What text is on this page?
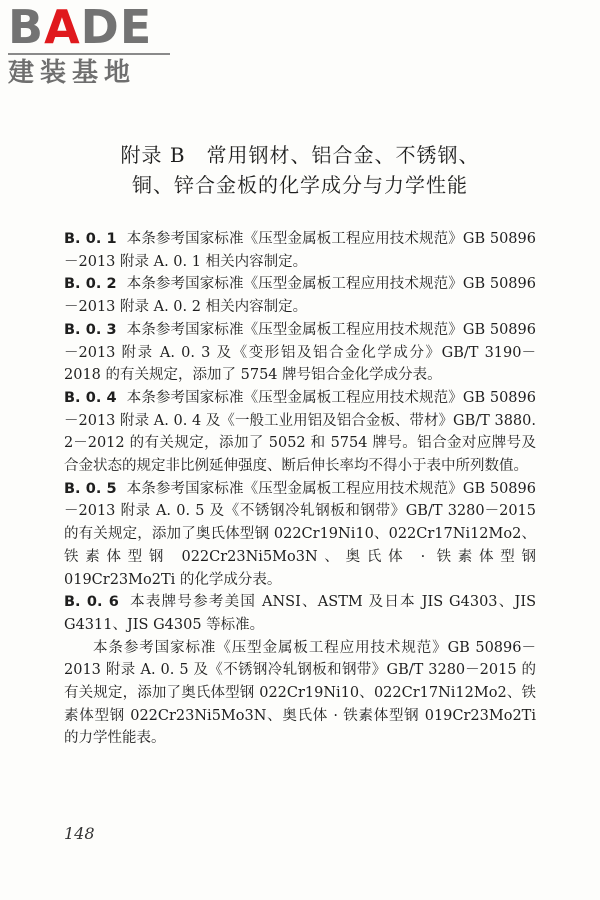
BADE
建装基地
附录 B　常用钢材、铝合金、不锈钢、
铜、锌合金板的化学成分与力学性能

B. 0. 1 本条参考国家标准《压型金属板工程应用技术规范》GB 50896－2013 附录 A. 0. 1 相关内容制定。

B. 0. 2 本条参考国家标准《压型金属板工程应用技术规范》GB 50896－2013 附录 A. 0. 2 相关内容制定。

B. 0. 3 本条参考国家标准《压型金属板工程应用技术规范》GB 50896－2013 附录 A. 0. 3 及《变形铝及铝合金化学成分》GB/T 3190－2018 的有关规定，添加了 5754 牌号铝合金化学成分表。

B. 0. 4 本条参考国家标准《压型金属板工程应用技术规范》GB 50896－2013 附录 A. 0. 4 及《一般工业用铝及铝合金板、带材》GB/T 3880. 2－2012 的有关规定，添加了 5052 和 5754 牌号。铝合金对应牌号及合金状态的规定非比例延伸强度、断后伸长率均不得小于表中所列数值。

B. 0. 5 本条参考国家标准《压型金属板工程应用技术规范》GB 50896－2013 附录 A. 0. 5 及《不锈钢冷轧钢板和钢带》GB/T 3280－2015 的有关规定，添加了奥氏体型钢 022Cr19Ni10、022Cr17Ni12Mo2、铁素体型钢 022Cr23Ni5Mo3N、奥氏体 · 铁素体型钢 019Cr23Mo2Ti 的化学成分表。

B. 0. 6 本表牌号参考美国 ANSI、ASTM 及日本 JIS G4303、JIS G4311、JIS G4305 等标准。

本条参考国家标准《压型金属板工程应用技术规范》GB 50896－2013 附录 A. 0. 5 及《不锈钢冷轧钢板和钢带》GB/T 3280－2015 的有关规定，添加了奥氏体型钢 022Cr19Ni10、022Cr17Ni12Mo2、铁素体型钢 022Cr23Ni5Mo3N、奥氏体 · 铁素体型钢 019Cr23Mo2Ti 的力学性能表。

148
